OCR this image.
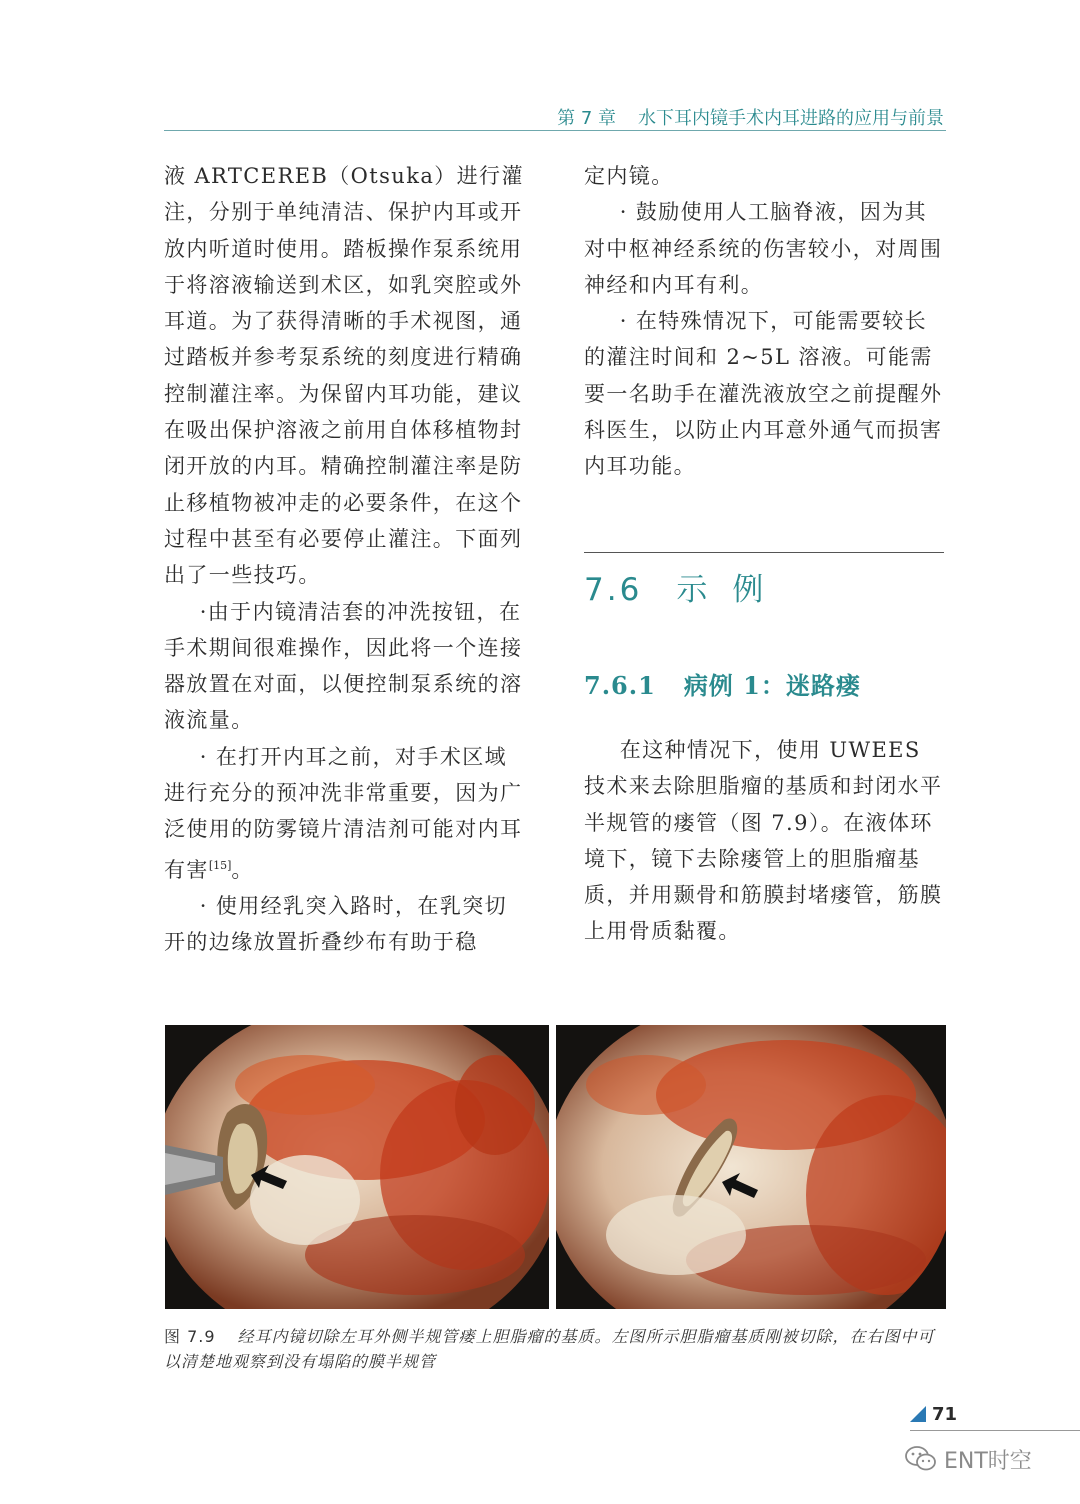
第 7 章 水下耳内镜手术内耳进路的应用与前景

液 ARTCEREB（Otsuka）进行灌注，分别于单纯清洁、保护内耳或开放内听道时使用。踏板操作泵系统用于将溶液输送到术区，如乳突腔或外耳道。为了获得清晰的手术视图，通过踏板并参考泵系统的刻度进行精确控制灌注率。为保留内耳功能，建议在吸出保护溶液之前用自体移植物封闭开放的内耳。精确控制灌注率是防止移植物被冲走的必要条件，在这个过程中甚至有必要停止灌注。下面列出了一些技巧。

·由于内镜清洁套的冲洗按钮，在手术期间很难操作，因此将一个连接器放置在对面，以便控制泵系统的溶液流量。

· 在打开内耳之前，对手术区域进行充分的预冲洗非常重要，因为广泛使用的防雾镜片清洁剂可能对内耳有害[15]。

· 使用经乳突入路时，在乳突切开的边缘放置折叠纱布有助于稳

定内镜。

· 鼓励使用人工脑脊液，因为其对中枢神经系统的伤害较小，对周围神经和内耳有利。

· 在特殊情况下，可能需要较长的灌注时间和 2~5L 溶液。可能需要一名助手在灌洗液放空之前提醒外科医生，以防止内耳意外通气而损害内耳功能。

7.6 示 例
7.6.1 病例 1：迷路瘘

在这种情况下，使用 UWEES 技术来去除胆脂瘤的基质和封闭水平半规管的瘘管（图 7.9）。在液体环境下，镜下去除瘘管上的胆脂瘤基质，并用颞骨和筋膜封堵瘘管，筋膜上用骨质黏覆。

图 7.9 经耳内镜切除左耳外侧半规管瘘上胆脂瘤的基质。左图所示胆脂瘤基质刚被切除，在右图中可以清楚地观察到没有塌陷的膜半规管
71
ENT时空
